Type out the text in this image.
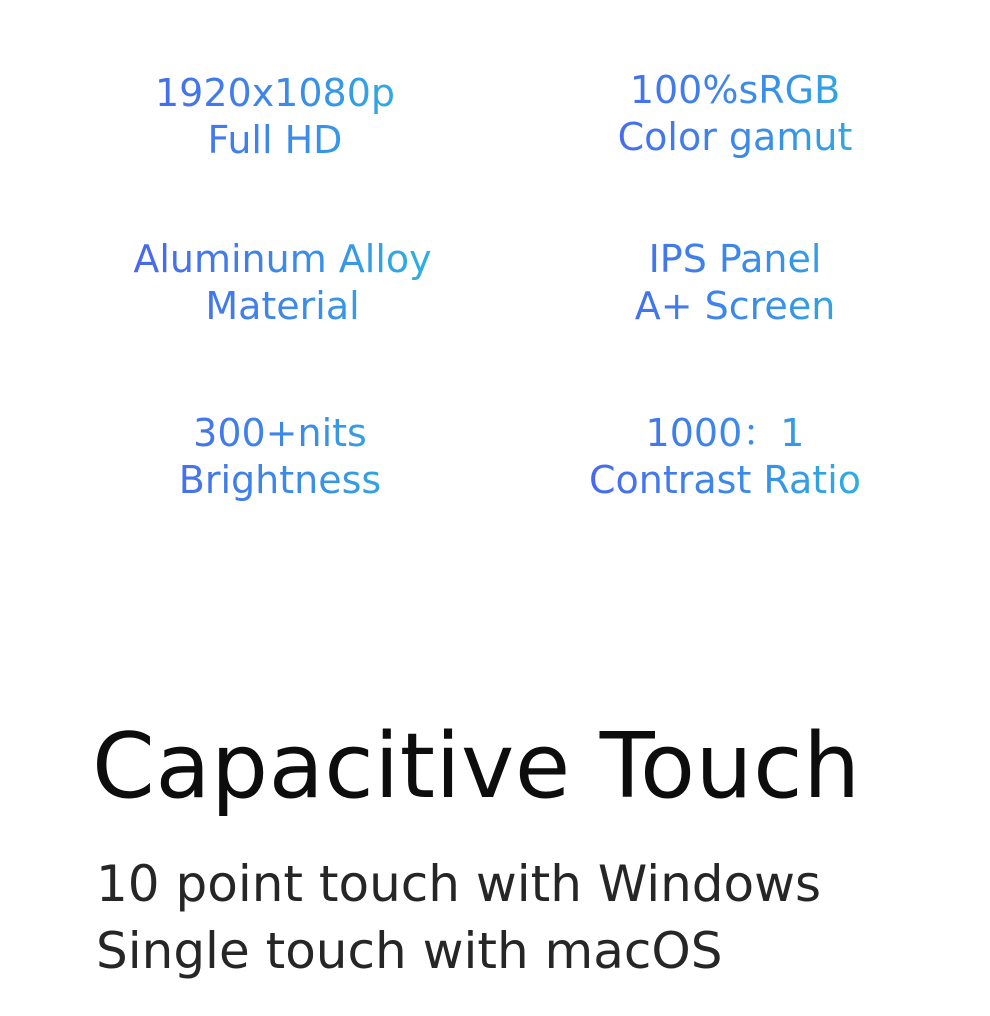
1920x1080p
Full HD
100%sRGB
Color gamut
Aluminum Alloy
Material
IPS Panel
A+ Screen
300+nits
Brightness
1000：1
Contrast Ratio
Capacitive Touch
10 point touch with Windows
Single touch with macOS
